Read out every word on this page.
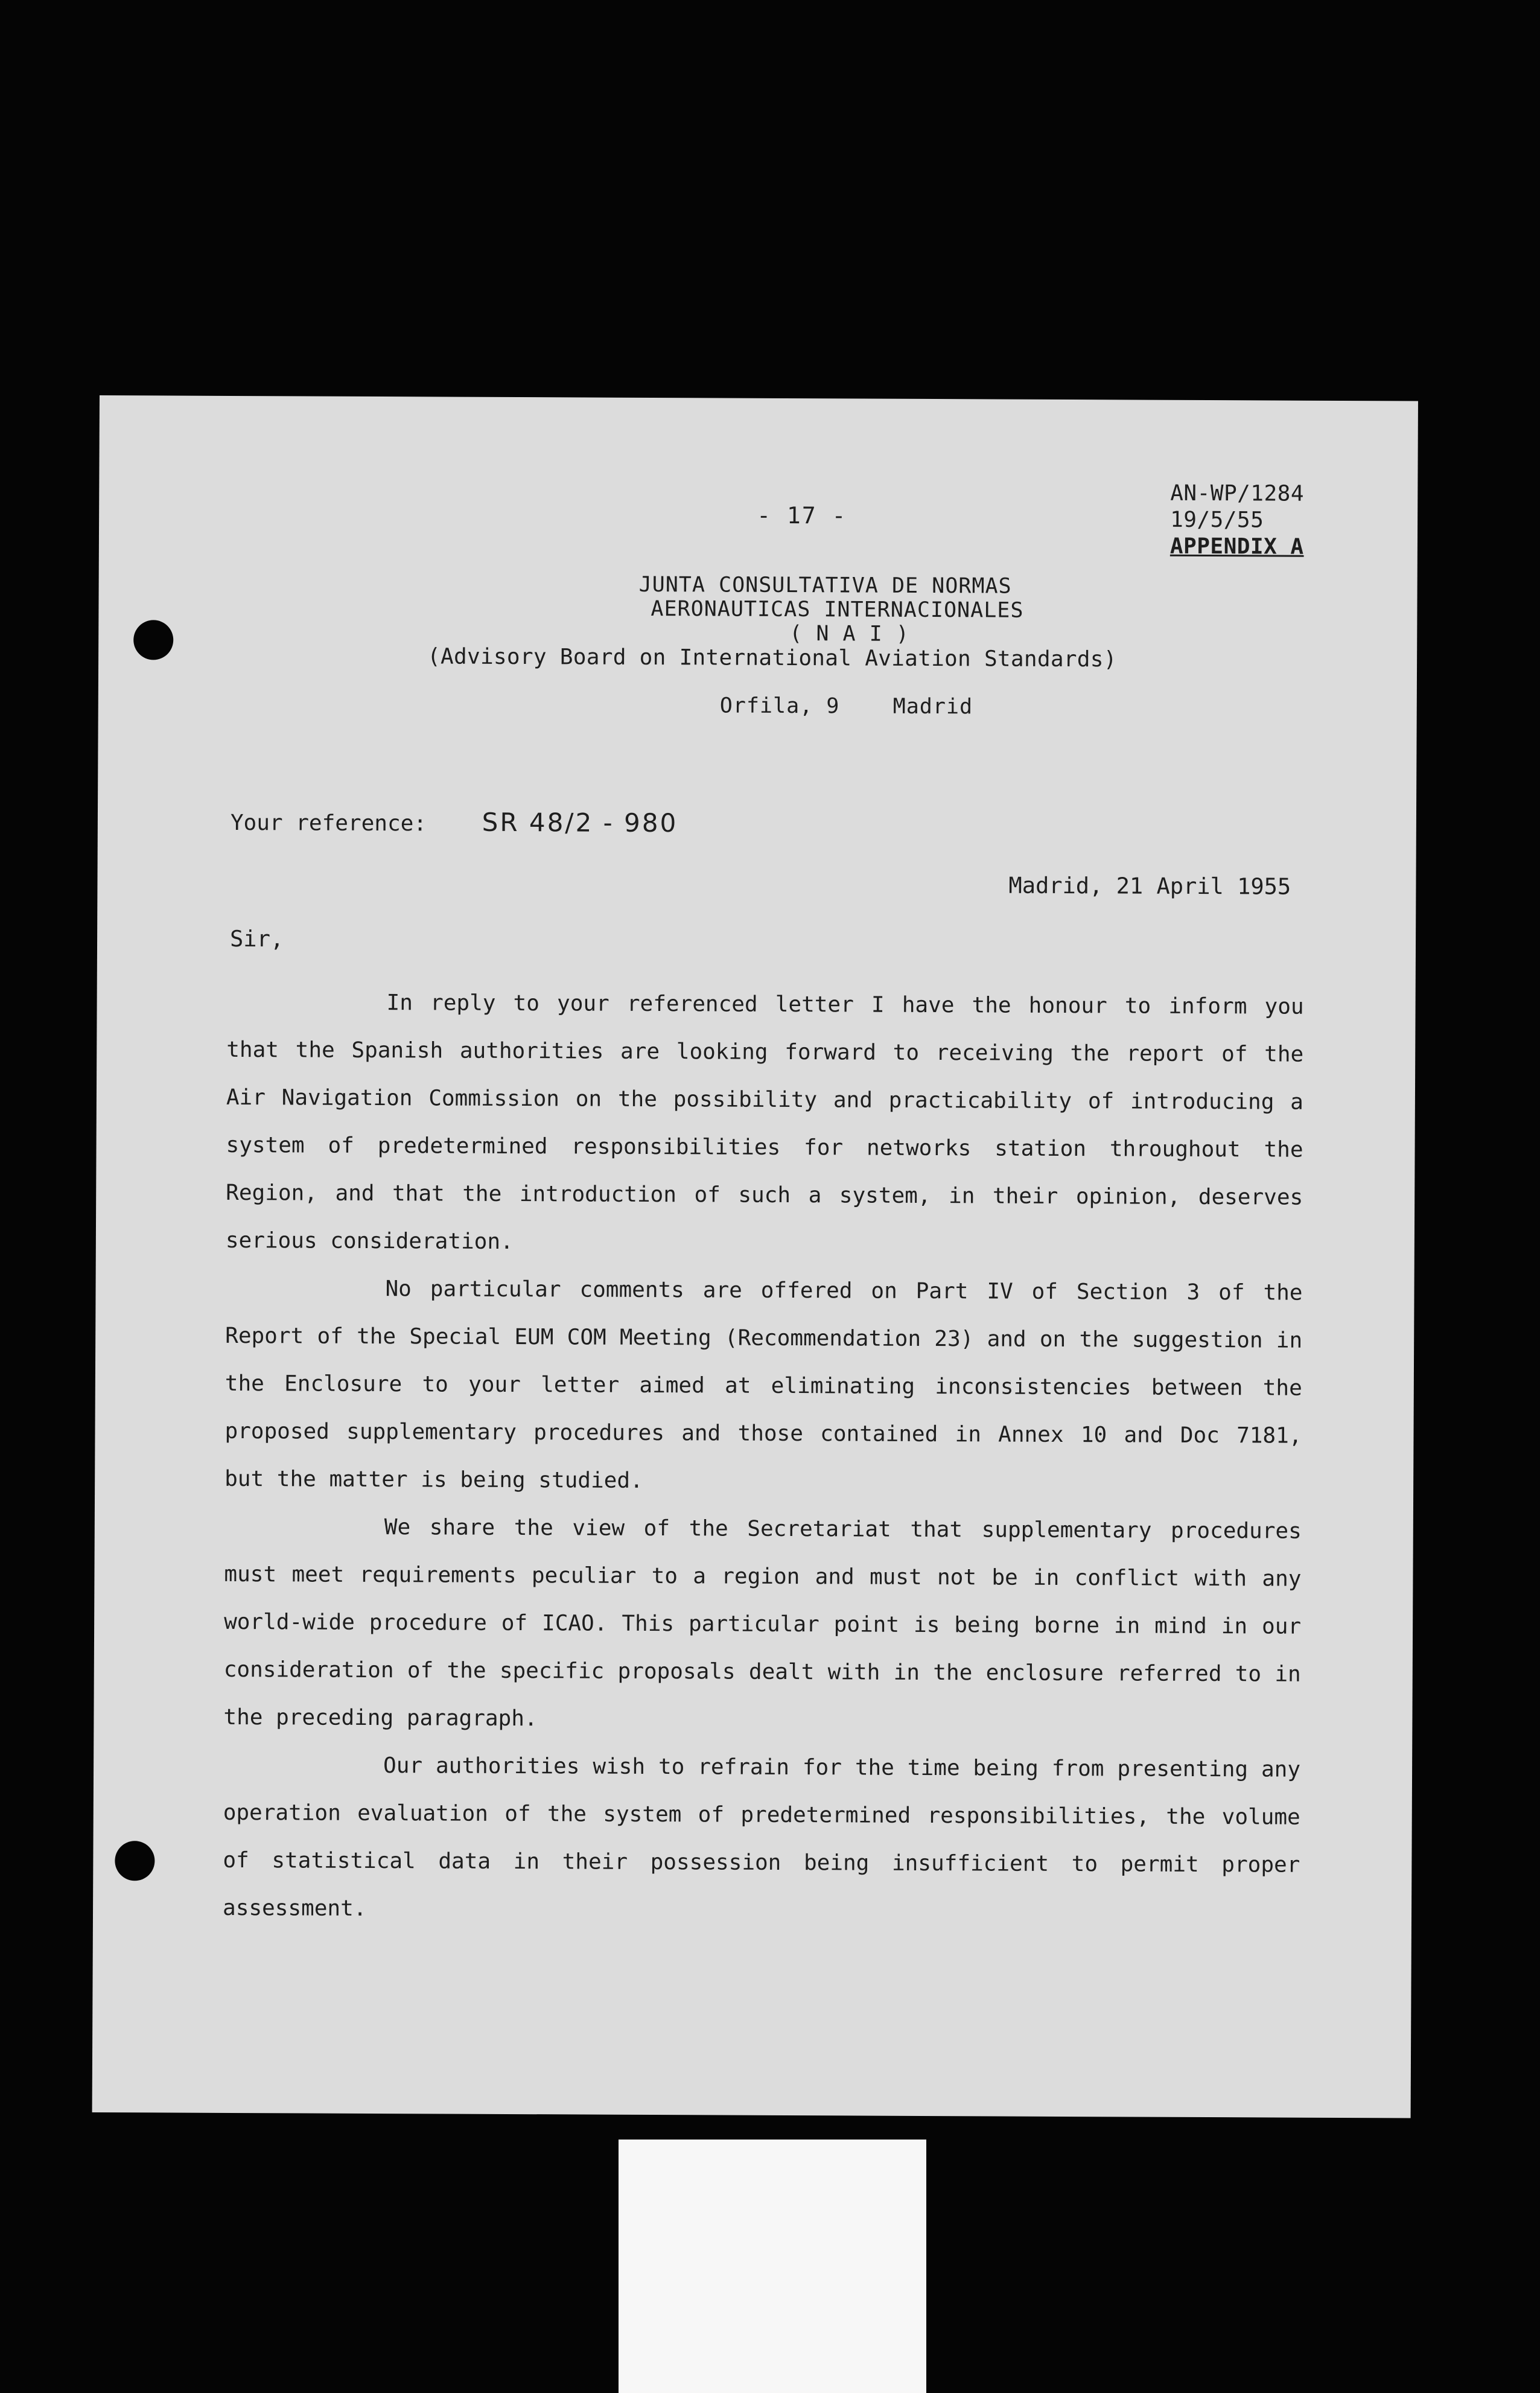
AN-WP/1284
19/5/55
APPENDIX A
- 17 -
JUNTA CONSULTATIVA DE NORMAS
AERONAUTICAS INTERNACIONALES
( N A I )
(Advisory Board on International Aviation Standards)
Orfila, 9    Madrid
Your reference: SR 48/2 - 980
Madrid, 21 April 1955
Sir,

In reply to your referenced letter I have the honour to inform you that the Spanish authorities are looking forward to receiving the report of the Air Navigation Commission on the possibility and practicability of introducing a system of predetermined responsibilities for networks station throughout the Region, and that the introduction of such a system, in their opinion, deserves serious consideration.

No particular comments are offered on Part IV of Section 3 of the Report of the Special EUM COM Meeting (Recommendation 23) and on the suggestion in the Enclosure to your letter aimed at eliminating inconsistencies between the proposed supplementary procedures and those contained in Annex 10 and Doc 7181, but the matter is being studied.

We share the view of the Secretariat that supplementary procedures must meet requirements peculiar to a region and must not be in conflict with any world-wide procedure of ICAO. This particular point is being borne in mind in our consideration of the specific proposals dealt with in the enclosure referred to in the preceding paragraph.

Our authorities wish to refrain for the time being from presenting any operation evaluation of the system of predetermined responsibilities, the volume of statistical data in their possession being insufficient to permit proper assessment.
